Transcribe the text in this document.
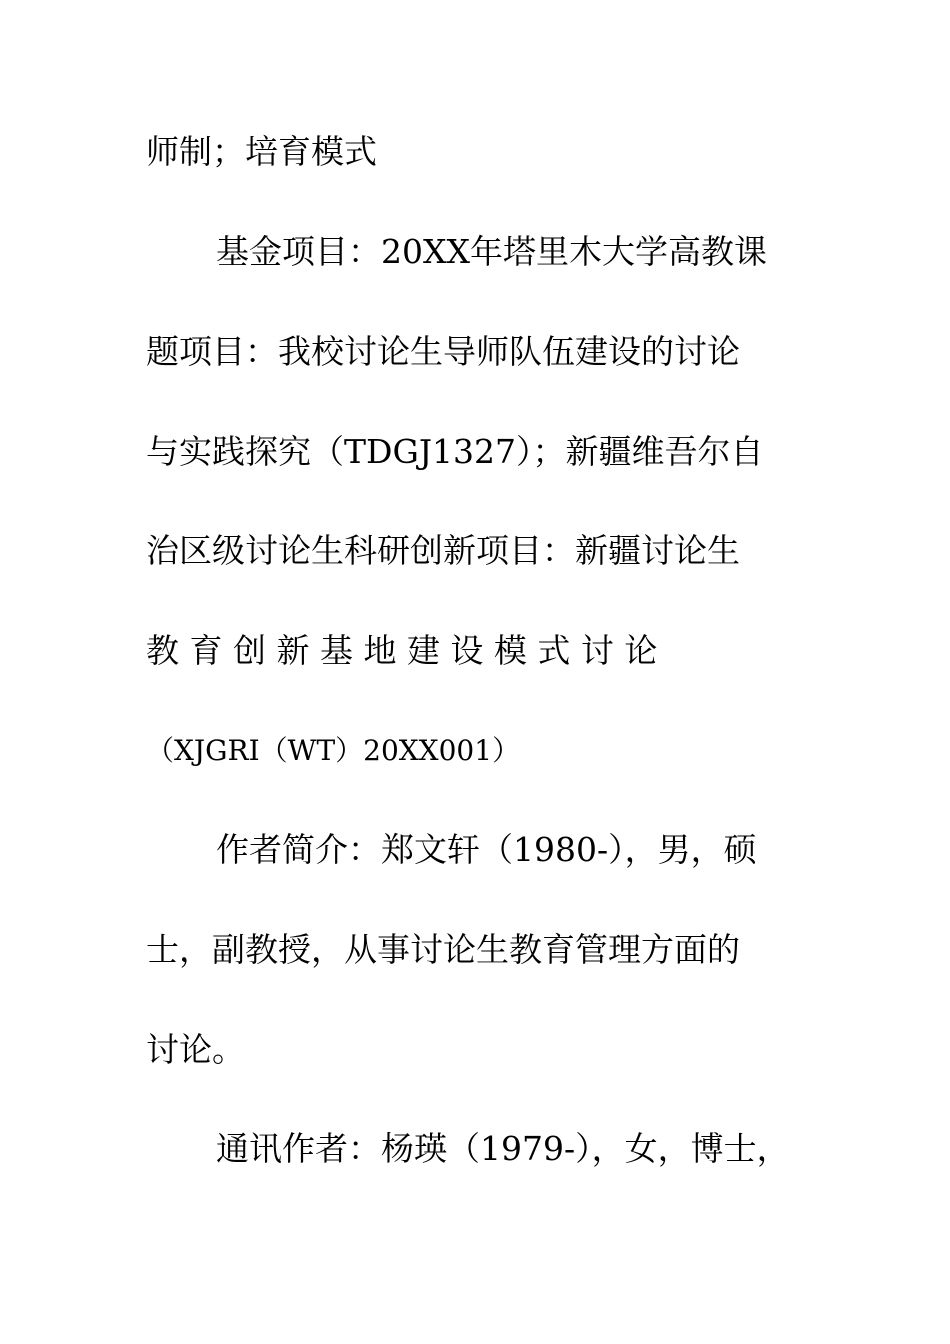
师制；培育模式
基金项目：20XX年塔里木大学高教课
题项目：我校讨论生导师队伍建设的讨论
与实践探究（TDGJ1327）；新疆维吾尔自
治区级讨论生科研创新项目：新疆讨论生
教 育 创 新 基 地 建 设 模 式 讨 论
（XJGRI（WT）20XX001）
作者简介：郑文轩（1980-），男，硕
士，副教授，从事讨论生教育管理方面的
讨论。
通讯作者：杨瑛（1979-），女，博士，
